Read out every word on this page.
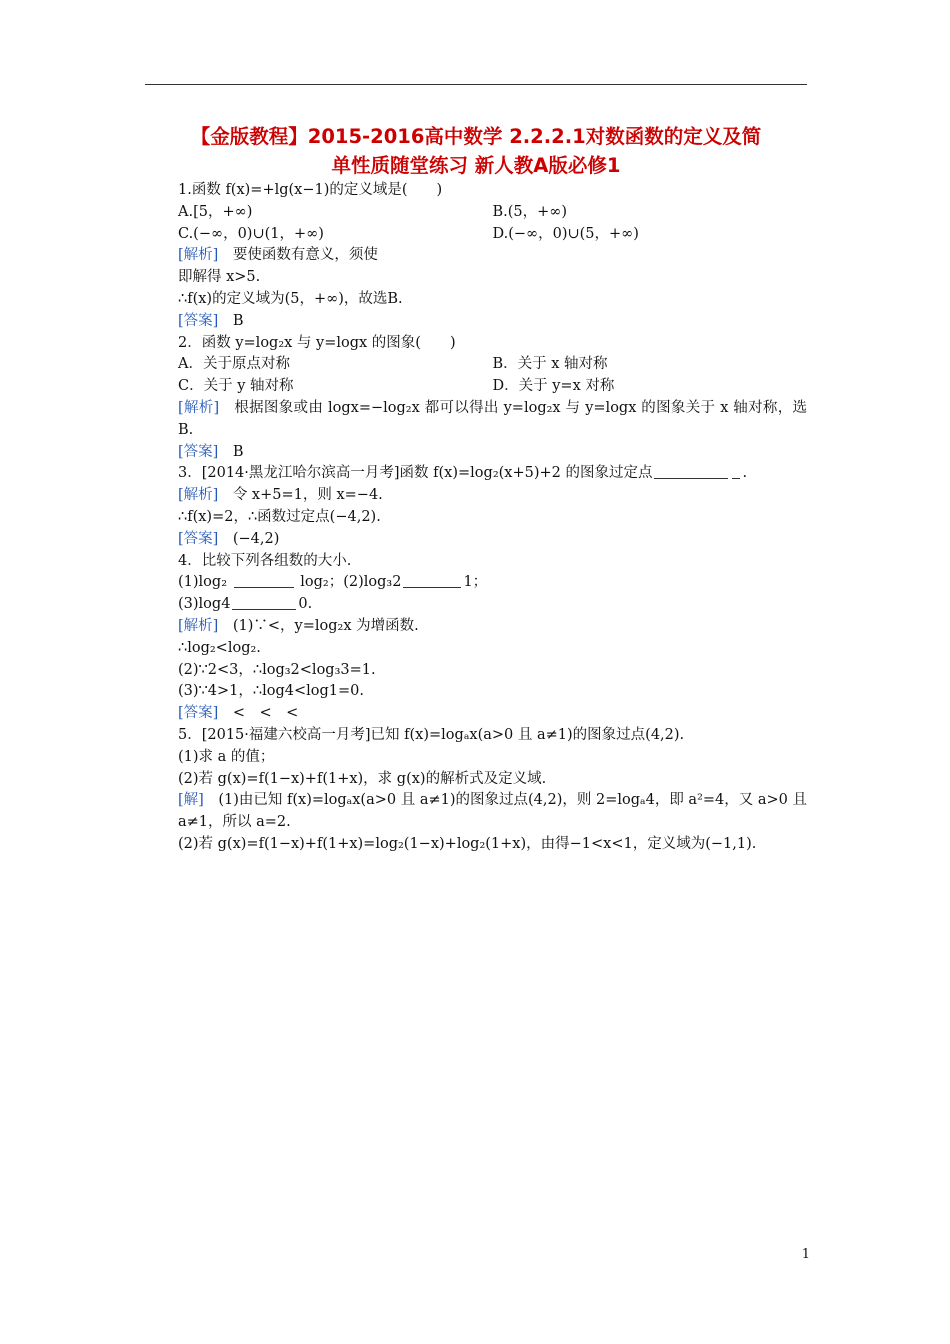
【金版教程】2015-2016高中数学 2.2.2.1对数函数的定义及简
单性质随堂练习 新人教A版必修1
1.函数 f(x)=+lg(x−1)的定义域是(　　)
A.[5，+∞)	B.(5，+∞)
C.(−∞，0)∪(1，+∞)	D.(−∞，0)∪(5，+∞)
[解析]　 要使函数有意义，须使
即解得 x>5.
∴f(x)的定义域为(5，+∞)，故选B.
[答案]　 B
2．函数 y=log₂x 与 y=logx 的图象(　　)
A．关于原点对称	B．关于 x 轴对称
C．关于 y 轴对称	D．关于 y=x 对称
[解析]　 根据图象或由 logx=−log₂x 都可以得出 y=log₂x 与 y=logx 的图象关于 x 轴对称，选B.
[答案]　 B
3．[2014·黑龙江哈尔滨高一月考]函数 f(x)=log₂(x+5)+2 的图象过定点	.
[解析]　 令 x+5=1，则 x=−4.
∴f(x)=2，∴函数过定点(−4,2).
[答案]　 (−4,2)
4．比较下列各组数的大小.
(1)log₂	log₂；(2)log₃2	1；
(3)log4	0.
[解析]　 (1)∵<，y=log₂x 为增函数.
∴log₂<log₂.
(2)∵2<3，∴log₃2<log₃3=1.
(3)∵4>1，∴log4<log1=0.
[答案]　 <　<　<
5．[2015·福建六校高一月考]已知 f(x)=logₐx(a>0 且 a≠1)的图象过点(4,2).
(1)求 a 的值；
(2)若 g(x)=f(1−x)+f(1+x)，求 g(x)的解析式及定义域.
[解]　 (1)由已知 f(x)=logₐx(a>0 且 a≠1)的图象过点(4,2)，则 2=logₐ4，即 a²=4，又 a>0 且 a≠1，所以 a=2.
(2)若 g(x)=f(1−x)+f(1+x)=log₂(1−x)+log₂(1+x)，由得−1<x<1，定义域为(−1,1).
1
